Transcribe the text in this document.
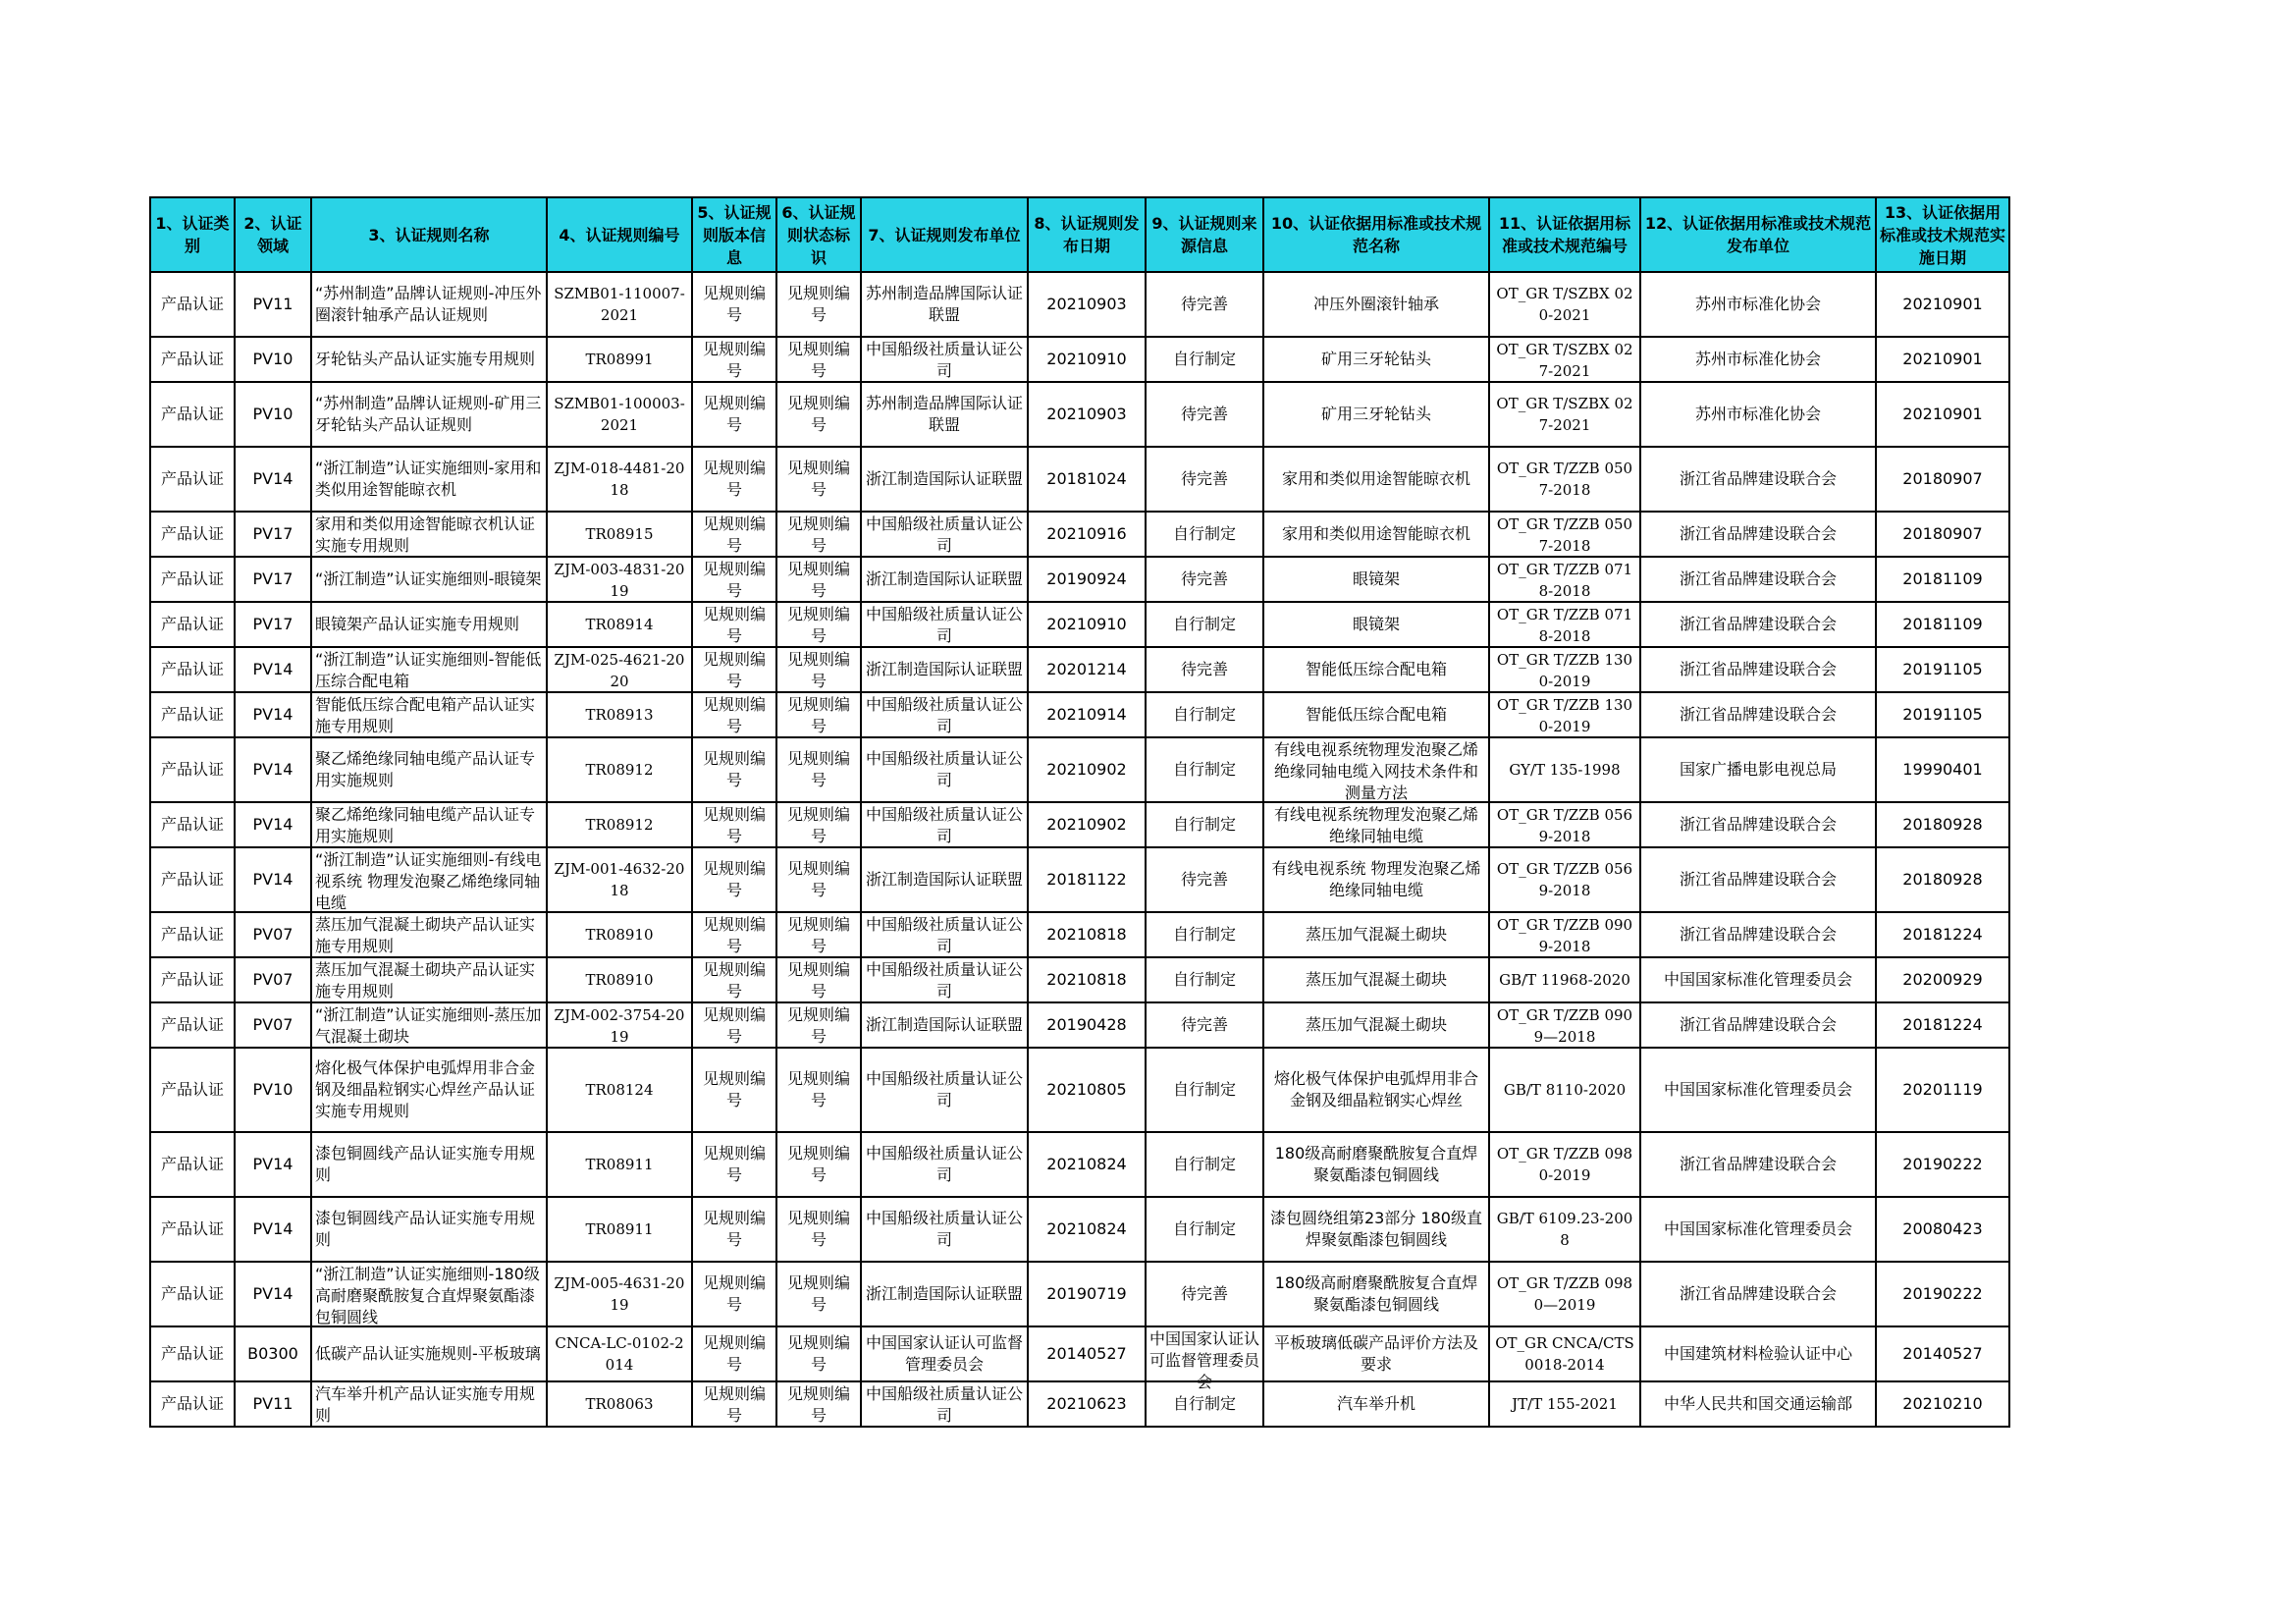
1、认证类别	2、认证领域	3、认证规则名称	4、认证规则编号	5、认证规则版本信息	6、认证规则状态标识	7、认证规则发布单位	8、认证规则发布日期	9、认证规则来源信息	10、认证依据用标准或技术规范名称	11、认证依据用标准或技术规范编号	12、认证依据用标准或技术规范发布单位	13、认证依据用标准或技术规范实施日期

产品认证	PV11	“苏州制造”品牌认证规则-冲压外圈滚针轴承产品认证规则	SZMB01-110007-2021	见规则编号	见规则编号	苏州制造品牌国际认证联盟	20210903	待完善	冲压外圈滚针轴承	OT_GR T/SZBX 020-2021	苏州市标准化协会	20210901

产品认证	PV10	牙轮钻头产品认证实施专用规则	TR08991	见规则编号	见规则编号	中国船级社质量认证公司	20210910	自行制定	矿用三牙轮钻头	OT_GR T/SZBX 027-2021	苏州市标准化协会	20210901

产品认证	PV10	“苏州制造”品牌认证规则-矿用三牙轮钻头产品认证规则	SZMB01-100003-2021	见规则编号	见规则编号	苏州制造品牌国际认证联盟	20210903	待完善	矿用三牙轮钻头	OT_GR T/SZBX 027-2021	苏州市标准化协会	20210901

产品认证	PV14	“浙江制造”认证实施细则-家用和类似用途智能晾衣机	ZJM-018-4481-2018	见规则编号	见规则编号	浙江制造国际认证联盟	20181024	待完善	家用和类似用途智能晾衣机	OT_GR T/ZZB 0507-2018	浙江省品牌建设联合会	20180907

产品认证	PV17	家用和类似用途智能晾衣机认证实施专用规则	TR08915	见规则编号	见规则编号	中国船级社质量认证公司	20210916	自行制定	家用和类似用途智能晾衣机	OT_GR T/ZZB 0507-2018	浙江省品牌建设联合会	20180907

产品认证	PV17	“浙江制造”认证实施细则-眼镜架	ZJM-003-4831-2019	见规则编号	见规则编号	浙江制造国际认证联盟	20190924	待完善	眼镜架	OT_GR T/ZZB 0718-2018	浙江省品牌建设联合会	20181109

产品认证	PV17	眼镜架产品认证实施专用规则	TR08914	见规则编号	见规则编号	中国船级社质量认证公司	20210910	自行制定	眼镜架	OT_GR T/ZZB 0718-2018	浙江省品牌建设联合会	20181109

产品认证	PV14	“浙江制造”认证实施细则-智能低压综合配电箱	ZJM-025-4621-2020	见规则编号	见规则编号	浙江制造国际认证联盟	20201214	待完善	智能低压综合配电箱	OT_GR T/ZZB 1300-2019	浙江省品牌建设联合会	20191105

产品认证	PV14	智能低压综合配电箱产品认证实施专用规则	TR08913	见规则编号	见规则编号	中国船级社质量认证公司	20210914	自行制定	智能低压综合配电箱	OT_GR T/ZZB 1300-2019	浙江省品牌建设联合会	20191105

产品认证	PV14	聚乙烯绝缘同轴电缆产品认证专用实施规则	TR08912	见规则编号	见规则编号	中国船级社质量认证公司	20210902	自行制定	有线电视系统物理发泡聚乙烯绝缘同轴电缆入网技术条件和测量方法	GY/T 135-1998	国家广播电影电视总局	19990401

产品认证	PV14	聚乙烯绝缘同轴电缆产品认证专用实施规则	TR08912	见规则编号	见规则编号	中国船级社质量认证公司	20210902	自行制定	有线电视系统物理发泡聚乙烯绝缘同轴电缆	OT_GR T/ZZB 0569-2018	浙江省品牌建设联合会	20180928

产品认证	PV14	“浙江制造”认证实施细则-有线电视系统 物理发泡聚乙烯绝缘同轴电缆	ZJM-001-4632-2018	见规则编号	见规则编号	浙江制造国际认证联盟	20181122	待完善	有线电视系统 物理发泡聚乙烯绝缘同轴电缆	OT_GR T/ZZB 0569-2018	浙江省品牌建设联合会	20180928

产品认证	PV07	蒸压加气混凝土砌块产品认证实施专用规则	TR08910	见规则编号	见规则编号	中国船级社质量认证公司	20210818	自行制定	蒸压加气混凝土砌块	OT_GR T/ZZB 0909-2018	浙江省品牌建设联合会	20181224

产品认证	PV07	蒸压加气混凝土砌块产品认证实施专用规则	TR08910	见规则编号	见规则编号	中国船级社质量认证公司	20210818	自行制定	蒸压加气混凝土砌块	GB/T 11968-2020	中国国家标准化管理委员会	20200929

产品认证	PV07	“浙江制造”认证实施细则-蒸压加气混凝土砌块	ZJM-002-3754-2019	见规则编号	见规则编号	浙江制造国际认证联盟	20190428	待完善	蒸压加气混凝土砌块	OT_GR T/ZZB 0909—2018	浙江省品牌建设联合会	20181224

产品认证	PV10	熔化极气体保护电弧焊用非合金钢及细晶粒钢实心焊丝产品认证实施专用规则	TR08124	见规则编号	见规则编号	中国船级社质量认证公司	20210805	自行制定	熔化极气体保护电弧焊用非合金钢及细晶粒钢实心焊丝	GB/T 8110-2020	中国国家标准化管理委员会	20201119

产品认证	PV14	漆包铜圆线产品认证实施专用规则	TR08911	见规则编号	见规则编号	中国船级社质量认证公司	20210824	自行制定	180级高耐磨聚酰胺复合直焊聚氨酯漆包铜圆线	OT_GR T/ZZB 0980-2019	浙江省品牌建设联合会	20190222

产品认证	PV14	漆包铜圆线产品认证实施专用规则	TR08911	见规则编号	见规则编号	中国船级社质量认证公司	20210824	自行制定	漆包圆绕组第23部分 180级直焊聚氨酯漆包铜圆线	GB/T 6109.23-2008	中国国家标准化管理委员会	20080423

产品认证	PV14	“浙江制造”认证实施细则-180级高耐磨聚酰胺复合直焊聚氨酯漆包铜圆线	ZJM-005-4631-2019	见规则编号	见规则编号	浙江制造国际认证联盟	20190719	待完善	180级高耐磨聚酰胺复合直焊聚氨酯漆包铜圆线	OT_GR T/ZZB 0980—2019	浙江省品牌建设联合会	20190222

产品认证	B0300	低碳产品认证实施规则-平板玻璃	CNCA-LC-0102-2014	见规则编号	见规则编号	中国国家认证认可监督管理委员会	20140527	中国国家认证认可监督管理委员会	平板玻璃低碳产品评价方法及要求	OT_GR CNCA/CTS 0018-2014	中国建筑材料检验认证中心	20140527

产品认证	PV11	汽车举升机产品认证实施专用规则	TR08063	见规则编号	见规则编号	中国船级社质量认证公司	20210623	自行制定	汽车举升机	JT/T 155-2021	中华人民共和国交通运输部	20210210
